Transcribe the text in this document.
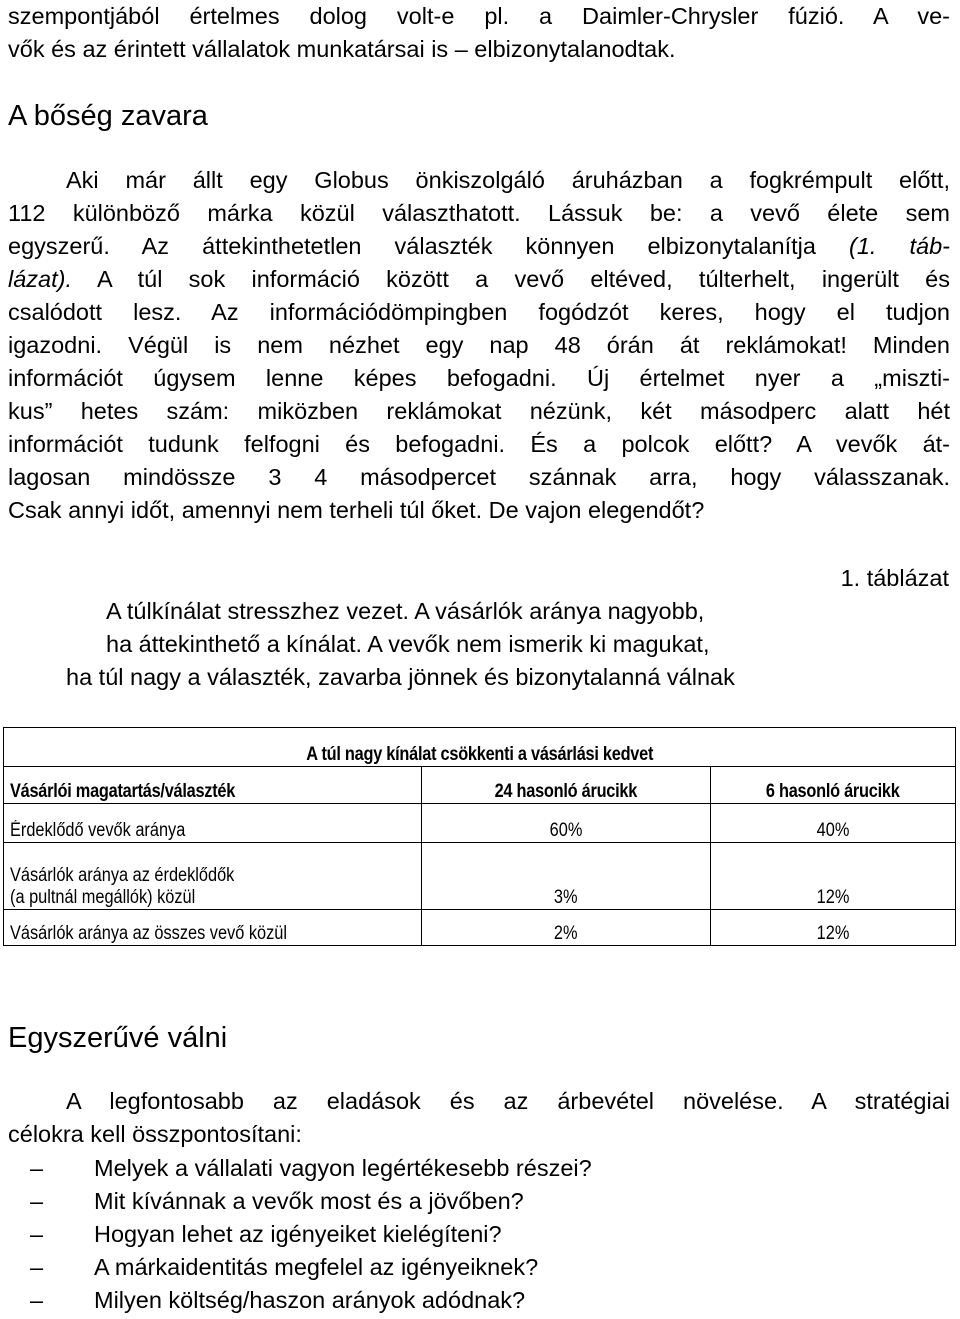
szempontjából értelmes dolog volt-e pl. a Daimler-Chrysler fúzió. A ve-
vők és az érintett vállalatok munkatársai is – elbizonytalanodtak.
A bőség zavara
Aki már állt egy Globus önkiszolgáló áruházban a fogkrémpult előtt,
112 különböző márka közül választhatott. Lássuk be: a vevő élete sem
egyszerű. Az áttekinthetetlen választék könnyen elbizonytalanítja (1. táb-
lázat). A túl sok információ között a vevő eltéved, túlterhelt, ingerült és
csalódott lesz. Az információdömpingben fogódzót keres, hogy el tudjon
igazodni. Végül is nem nézhet egy nap 48 órán át reklámokat! Minden
információt úgysem lenne képes befogadni. Új értelmet nyer a „miszti-
kus” hetes szám: miközben reklámokat nézünk, két másodperc alatt hét
információt tudunk felfogni és befogadni. És a polcok előtt? A vevők át-
lagosan mindössze 3 4 másodpercet szánnak arra, hogy válasszanak.
Csak annyi időt, amennyi nem terheli túl őket. De vajon elegendőt?
1. táblázat
A túlkínálat stresszhez vezet. A vásárlók aránya nagyobb,
ha áttekinthető a kínálat. A vevők nem ismerik ki magukat,
ha túl nagy a választék, zavarba jönnek és bizonytalanná válnak
A túl nagy kínálat csökkenti a vásárlási kedvet		
Vásárlói magatartás/választék	24 hasonló árucikk	6 hasonló árucikk
Érdeklődő vevők aránya	60%	40%
Vásárlók aránya az érdeklődők
(a pultnál megállók) közül	3%	12%
Vásárlók aránya az összes vevő közül	2%	12%
Egyszerűvé válni
A legfontosabb az eladások és az árbevétel növelése. A stratégiai
célokra kell összpontosítani:
– Melyek a vállalati vagyon legértékesebb részei?
– Mit kívánnak a vevők most és a jövőben?
– Hogyan lehet az igényeiket kielégíteni?
– A márkaidentitás megfelel az igényeiknek?
– Milyen költség/haszon arányok adódnak?
